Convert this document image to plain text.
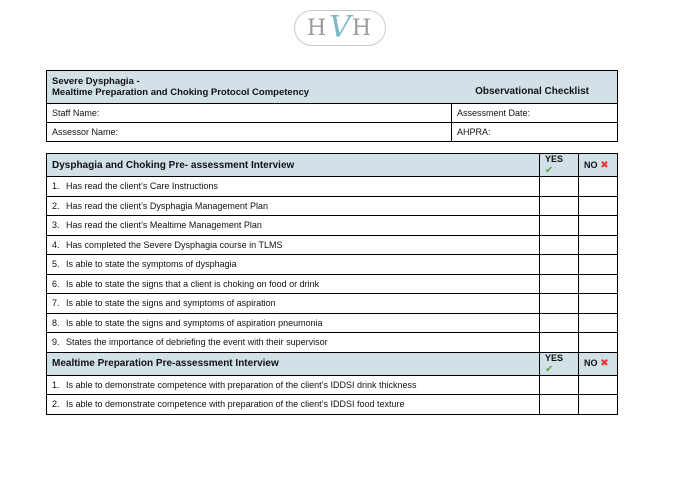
H V H
Observational Checklist
Severe Dysphagia -
Mealtime Preparation and Choking Protocol Competency	

Staff Name:	Assessment Date:
Assessor Name:	AHPRA:
Dysphagia and Choking Pre- assessment Interview	YES ✔	NO ✖
1. Has read the client’s Care Instructions		
2. Has read the client’s Dysphagia Management Plan		
3. Has read the client’s Mealtime Management Plan		
4. Has completed the Severe Dysphagia course in TLMS		
5. Is able to state the symptoms of dysphagia		
6. Is able to state the signs that a client is choking on food or drink		
7. Is able to state the signs and symptoms of aspiration		
8. Is able to state the signs and symptoms of aspiration pneumonia		
9. States the importance of debriefing the event with their supervisor		
Mealtime Preparation Pre-assessment Interview	YES ✔	NO ✖
1. Is able to demonstrate competence with preparation of the client’s IDDSI drink thickness		
2. Is able to demonstrate competence with preparation of the client’s IDDSI food texture		
